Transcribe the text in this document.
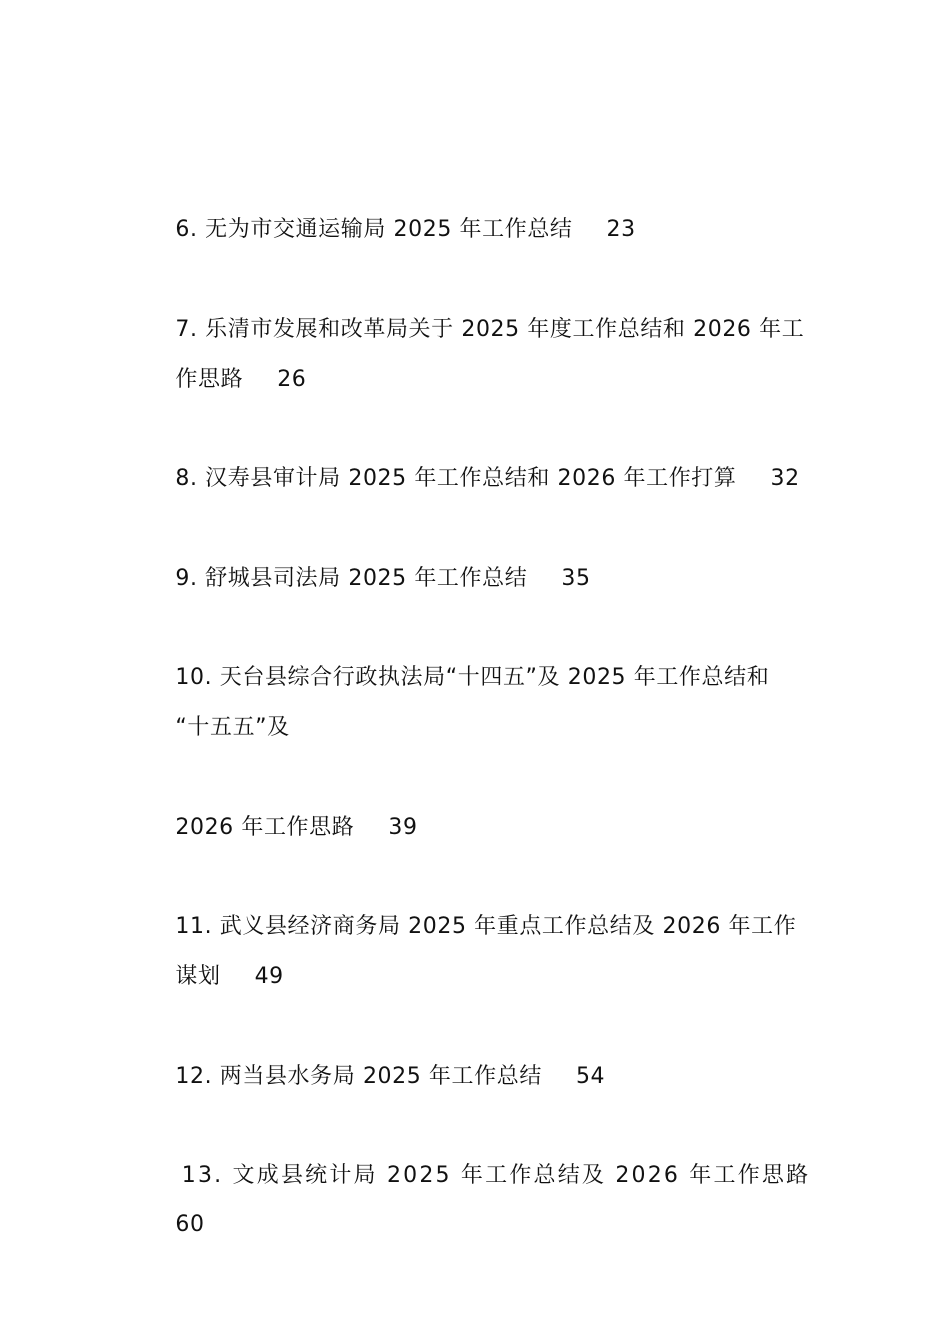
6. 无为市交通运输局 2025 年工作总结 23

7. 乐清市发展和改革局关于 2025 年度工作总结和 2026 年工

作思路 26

8. 汉寿县审计局 2025 年工作总结和 2026 年工作打算 32

9. 舒城县司法局 2025 年工作总结 35

10. 天台县综合行政执法局“十四五”及 2025 年工作总结和

“十五五”及

2026 年工作思路 39

11. 武义县经济商务局 2025 年重点工作总结及 2026 年工作

谋划 49

12. 两当县水务局 2025 年工作总结 54

13. 文成县统计局 2025 年工作总结及 2026 年工作思路

60
